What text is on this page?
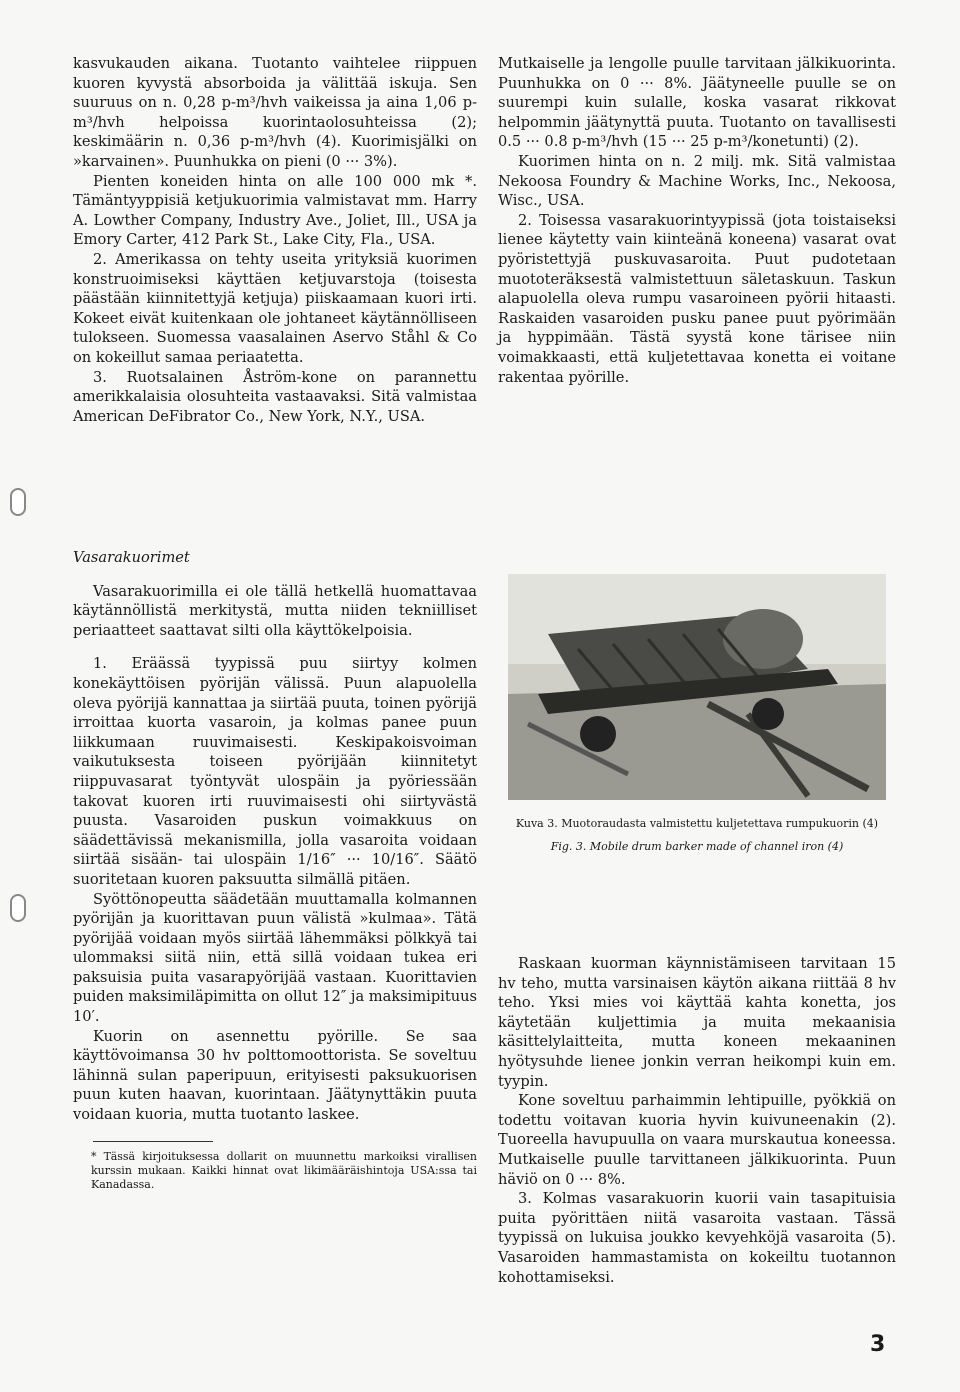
kasvukauden aikana. Tuotanto vaihtelee riippuen kuoren kyvystä absorboida ja välittää iskuja. Sen suuruus on n. 0,28 p-m³/hvh vaikeissa ja aina 1,06 p-m³/hvh helpoissa kuorintaolosuhteissa (2); keskimäärin n. 0,36 p-m³/hvh (4). Kuorimisjälki on »karvainen». Puunhukka on pieni (0 ··· 3%).

Pienten koneiden hinta on alle 100 000 mk *. Tämäntyyppisiä ketjukuorimia valmistavat mm. Harry A. Lowther Company, Industry Ave., Joliet, Ill., USA ja Emory Carter, 412 Park St., Lake City, Fla., USA.

2. Amerikassa on tehty useita yrityksiä kuorimen konstruoimiseksi käyttäen ketjuvarstoja (toisesta päästään kiinnitettyjä ketjuja) piiskaamaan kuori irti. Kokeet eivät kuitenkaan ole johtaneet käytännölliseen tulokseen. Suomessa vaasalainen Aservo Ståhl & Co on kokeillut samaa periaatetta.

3. Ruotsalainen Åström-kone on parannettu amerikkalaisia olosuhteita vastaavaksi. Sitä valmistaa American DeFibrator Co., New York, N.Y., USA.

Mutkaiselle ja lengolle puulle tarvitaan jälkikuorinta. Puunhukka on 0 ··· 8%. Jäätyneelle puulle se on suurempi kuin sulalle, koska vasarat rikkovat helpommin jäätynyttä puuta. Tuotanto on tavallisesti 0.5 ··· 0.8 p-m³/hvh (15 ··· 25 p-m³/konetunti) (2).

Kuorimen hinta on n. 2 milj. mk. Sitä valmistaa Nekoosa Foundry & Machine Works, Inc., Nekoosa, Wisc., USA.

2. Toisessa vasarakuorintyypissä (jota toistaiseksi lienee käytetty vain kiinteänä koneena) vasarat ovat pyöristettyjä puskuvasaroita. Puut pudotetaan muototeräksestä valmistettuun säletaskuun. Taskun alapuolella oleva rumpu vasaroineen pyörii hitaasti. Raskaiden vasaroiden pusku panee puut pyörimään ja hyppimään. Tästä syystä kone tärisee niin voimakkaasti, että kuljetettavaa konetta ei voitane rakentaa pyörille.

Vasarakuorimet

Vasarakuorimilla ei ole tällä hetkellä huomattavaa käytännöllistä merkitystä, mutta niiden tekniilliset periaatteet saattavat silti olla käyttökelpoisia.

1. Eräässä tyypissä puu siirtyy kolmen konekäyttöisen pyörijän välissä. Puun alapuolella oleva pyörijä kannattaa ja siirtää puuta, toinen pyörijä irroittaa kuorta vasaroin, ja kolmas panee puun liikkumaan ruuvimaisesti. Keskipakoisvoiman vaikutuksesta toiseen pyörijään kiinnitetyt riippuvasarat työntyvät ulospäin ja pyöriessään takovat kuoren irti ruuvimaisesti ohi siirtyvästä puusta. Vasaroiden puskun voimakkuus on säädettävissä mekanismilla, jolla vasaroita voidaan siirtää sisään- tai ulospäin 1/16″ ··· 10/16″. Säätö suoritetaan kuoren paksuutta silmällä pitäen.

Syöttönopeutta säädetään muuttamalla kolmannen pyörijän ja kuorittavan puun välistä »kulmaa». Tätä pyörijää voidaan myös siirtää lähemmäksi pölkkyä tai ulommaksi siitä niin, että sillä voidaan tukea eri paksuisia puita vasarapyörijää vastaan. Kuorittavien puiden maksimiläpimitta on ollut 12″ ja maksimipituus 10′.

Kuorin on asennettu pyörille. Se saa käyttövoimansa 30 hv polttomoottorista. Se soveltuu lähinnä sulan paperipuun, erityisesti paksukuorisen puun kuten haavan, kuorintaan. Jäätynyttäkin puuta voidaan kuoria, mutta tuotanto laskee.

* Tässä kirjoituksessa dollarit on muunnettu markoiksi virallisen kurssin mukaan. Kaikki hinnat ovat likimääräishintoja USA:ssa tai Kanadassa.

Kuva 3. Muotoraudasta valmistettu kuljetettava rumpukuorin (4)

Fig. 3. Mobile drum barker made of channel iron (4)

Raskaan kuorman käynnistämiseen tarvitaan 15 hv teho, mutta varsinaisen käytön aikana riittää 8 hv teho. Yksi mies voi käyttää kahta konetta, jos käytetään kuljettimia ja muita mekaanisia käsittelylaitteita, mutta koneen mekaaninen hyötysuhde lienee jonkin verran heikompi kuin em. tyypin.

Kone soveltuu parhaimmin lehtipuille, pyökkiä on todettu voitavan kuoria hyvin kuivuneenakin (2). Tuoreella havupuulla on vaara murskautua koneessa. Mutkaiselle puulle tarvittaneen jälkikuorinta. Puun häviö on 0 ··· 8%.

3. Kolmas vasarakuorin kuorii vain tasapituisia puita pyörittäen niitä vasaroita vastaan. Tässä tyypissä on lukuisa joukko kevyehköjä vasaroita (5). Vasaroiden hammastamista on kokeiltu tuotannon kohottamiseksi.

3
